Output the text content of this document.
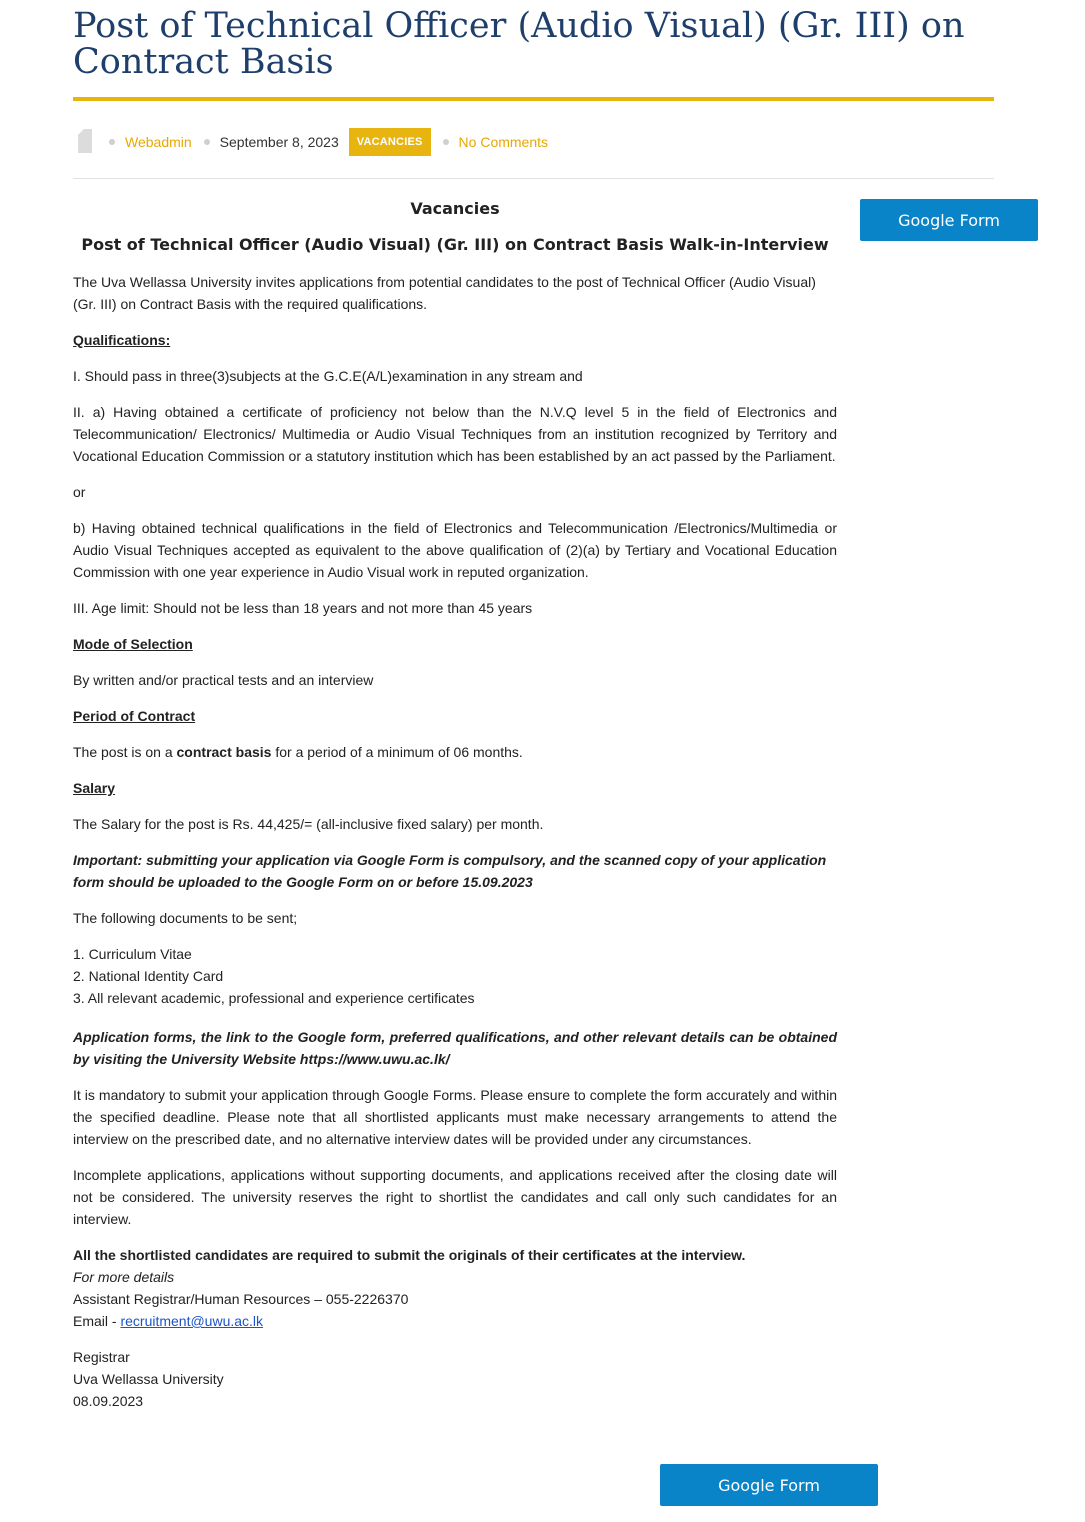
Post of Technical Officer (Audio Visual) (Gr. III) on Contract Basis
Webadmin September 8, 2023	VACANCIES	No Comments
Google Form
Vacancies
Post of Technical Officer (Audio Visual) (Gr. III) on Contract Basis Walk-in-Interview

The Uva Wellassa University invites applications from potential candidates to the post of Technical Officer (Audio Visual) (Gr. III) on Contract Basis with the required qualifications.

Qualifications:

I. Should pass in three(3)subjects at the G.C.E(A/L)examination in any stream and

II. a) Having obtained a certificate of proficiency not below than the N.V.Q level 5 in the field of Electronics and Telecommunication/ Electronics/ Multimedia or Audio Visual Techniques from an institution recognized by Territory and Vocational Education Commission or a statutory institution which has been established by an act passed by the Parliament.

or

b) Having obtained technical qualifications in the field of Electronics and Telecommunication /Electronics/Multimedia or Audio Visual Techniques accepted as equivalent to the above qualification of (2)(a) by Tertiary and Vocational Education Commission with one year experience in Audio Visual work in reputed organization.

III. Age limit: Should not be less than 18 years and not more than 45 years

Mode of Selection

By written and/or practical tests and an interview

Period of Contract

The post is on a contract basis for a period of a minimum of 06 months.

Salary

The Salary for the post is Rs. 44,425/= (all-inclusive fixed salary) per month.

Important: submitting your application via Google Form is compulsory, and the scanned copy of your application form should be uploaded to the Google Form on or before 15.09.2023

The following documents to be sent;

1. Curriculum Vitae
2. National Identity Card
3. All relevant academic, professional and experience certificates

Application forms, the link to the Google form, preferred qualifications, and other relevant details can be obtained by visiting the University Website https://www.uwu.ac.lk/

It is mandatory to submit your application through Google Forms. Please ensure to complete the form accurately and within the specified deadline. Please note that all shortlisted applicants must make necessary arrangements to attend the interview on the prescribed date, and no alternative interview dates will be provided under any circumstances.

Incomplete applications, applications without supporting documents, and applications received after the closing date will not be considered. The university reserves the right to shortlist the candidates and call only such candidates for an interview.

All the shortlisted candidates are required to submit the originals of their certificates at the interview.
For more details
Assistant Registrar/Human Resources – 055-2226370
Email - recruitment@uwu.ac.lk

Registrar
Uva Wellassa University
08.09.2023

Google Form
